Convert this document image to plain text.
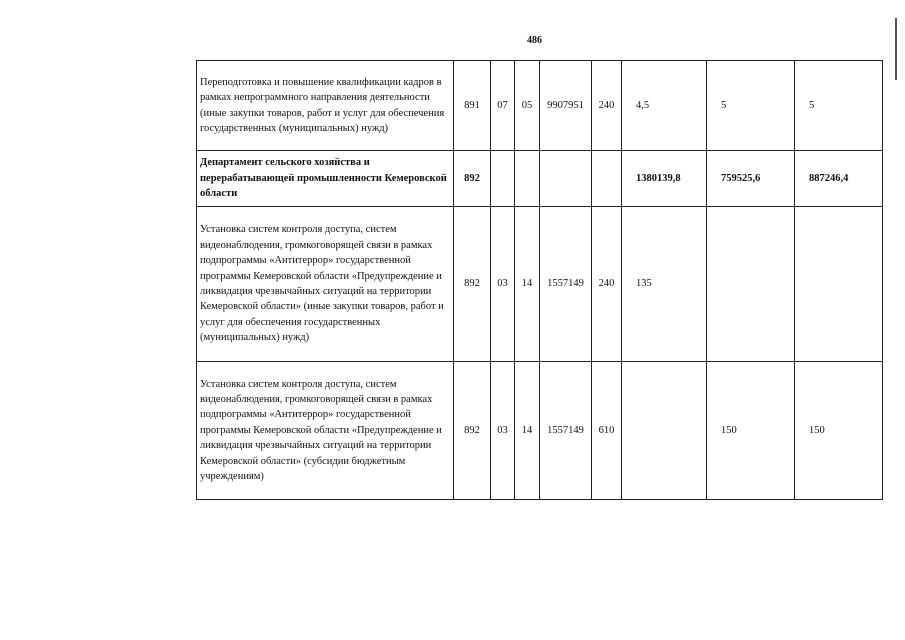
486
Переподготовка и повышение квалификации кадров в рамках непрограммного направления деятельности (иные закупки товаров, работ и услуг для обеспечения государственных (муниципальных) нужд)	891	07	05	9907951	240	4,5	5	5
Департамент сельского хозяйства и перерабатывающей промышленности Кемеровской области	892					1380139,8	759525,6	887246,4
Установка систем контроля доступа, систем видеонаблюдения, громкоговорящей связи в рамках подпрограммы «Антитеррор» государственной программы Кемеровской области «Предупреждение и ликвидация чрезвычайных ситуаций на территории Кемеровской области» (иные закупки товаров, работ и услуг для обеспечения государственных (муниципальных) нужд)	892	03	14	1557149	240	135		
Установка систем контроля доступа, систем видеонаблюдения, громкоговорящей связи в рамках подпрограммы «Антитеррор» государственной программы Кемеровской области «Предупреждение и ликвидация чрезвычайных ситуаций на территории Кемеровской области» (субсидии бюджетным учреждениям)	892	03	14	1557149	610		150	150
